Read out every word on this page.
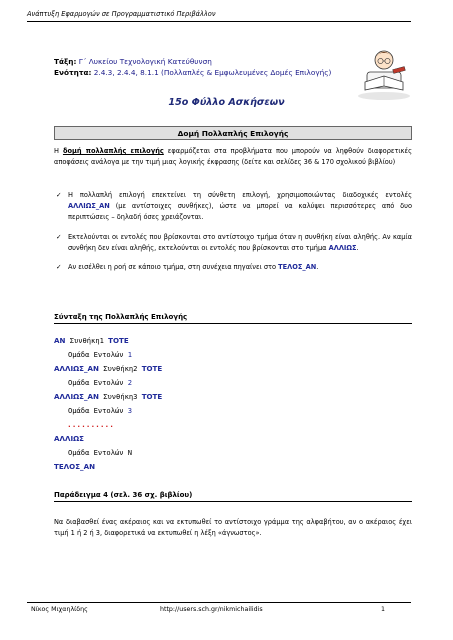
Ανάπτυξη Εφαρμογών σε Προγραμματιστικό Περιβάλλον
Τάξη: Γ΄ Λυκείου Τεχνολογική Κατεύθυνση
Ενότητα: 2.4.3, 2.4.4, 8.1.1 (Πολλαπλές & Εμφωλευμένες Δομές Επιλογής)
15ο Φύλλο Ασκήσεων
Δομή Πολλαπλής Επιλογής
Η δομή πολλαπλής επιλογής εφαρμόζεται στα προβλήματα που μπορούν να ληφθούν διαφορετικές αποφάσεις ανάλογα με την τιμή μιας λογικής έκφρασης (δείτε και σελίδες 36 & 170 σχολικού βιβλίου)
✓ Η πολλαπλή επιλογή επεκτείνει τη σύνθετη επιλογή, χρησιμοποιώντας διαδοχικές εντολές ΑΛΛΙΩΣ_ΑΝ (με αντίστοιχες συνθήκες), ώστε να μπορεί να καλύψει περισσότερες από δυο περιπτώσεις – δηλαδή όσες χρειάζονται.
✓ Εκτελούνται οι εντολές που βρίσκονται στο αντίστοιχο τμήμα όταν η συνθήκη είναι αληθής. Αν καμία συνθήκη δεν είναι αληθής, εκτελούνται οι εντολές που βρίσκονται στο τμήμα ΑΛΛΙΩΣ.
✓ Αν εισέλθει η ροή σε κάποιο τμήμα, στη συνέχεια πηγαίνει στο ΤΕΛΟΣ_ΑΝ.
Σύνταξη της Πολλαπλής Επιλογής
ΑΝ Συνθήκη1 ΤΟΤΕ
Ομάδα Εντολών 1
ΑΛΛΙΩΣ_ΑΝ Συνθήκη2 ΤΟΤΕ
Ομάδα Εντολών 2
ΑΛΛΙΩΣ_ΑΝ Συνθήκη3 ΤΟΤΕ
Ομάδα Εντολών 3
..........
ΑΛΛΙΩΣ
Ομάδα Εντολών Ν
ΤΕΛΟΣ_ΑΝ
Παράδειγμα 4 (σελ. 36 σχ. βιβλίου)
Να διαβασθεί ένας ακέραιος και να εκτυπωθεί το αντίστοιχο γράμμα της αλφαβήτου, αν ο ακέραιος έχει τιμή 1 ή 2 ή 3, διαφορετικά να εκτυπωθεί η λέξη «άγνωστος».
Νίκος Μιχαηλίδης	http://users.sch.gr/nikmichailidis	1
